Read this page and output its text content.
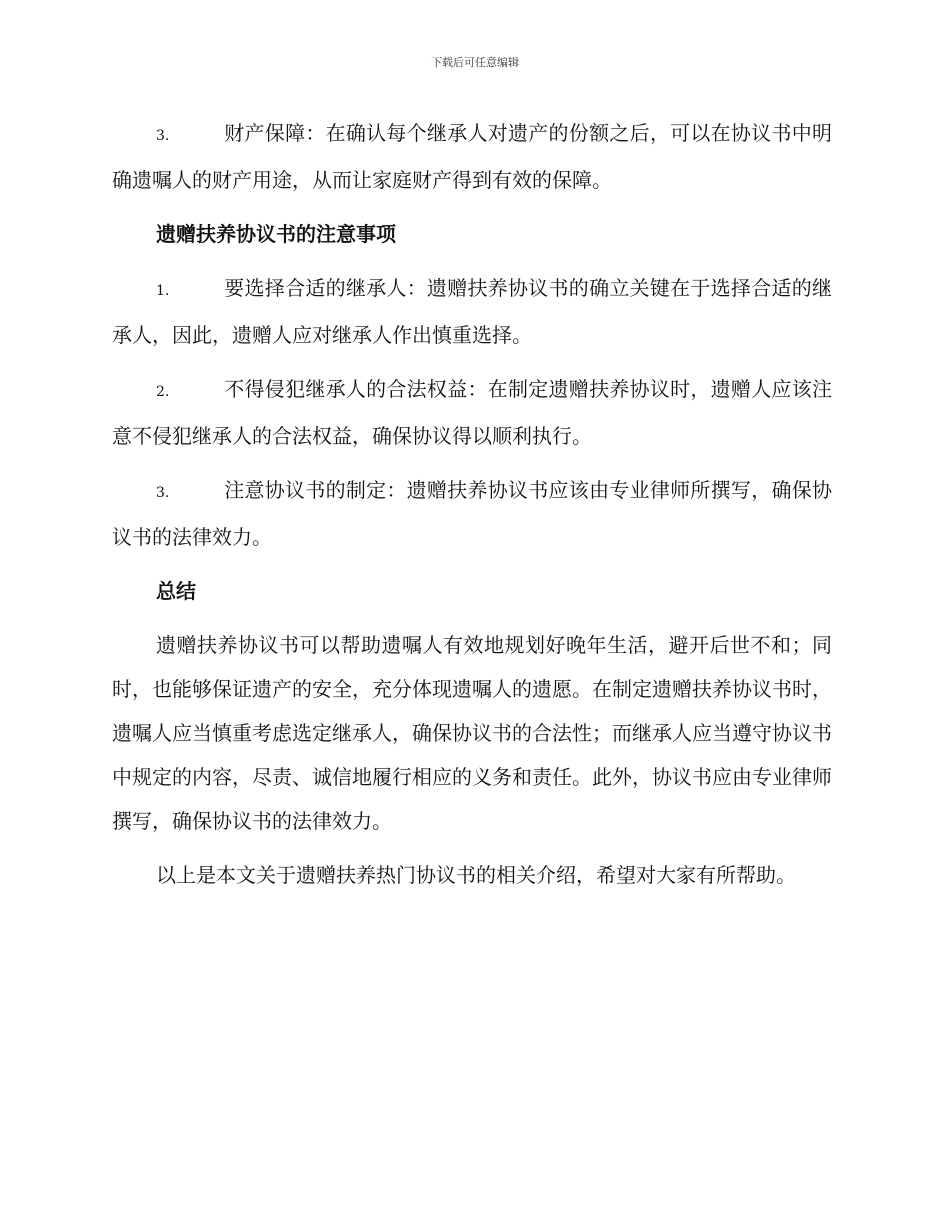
下载后可任意编辑

3.	财产保障：在确认每个继承人对遗产的份额之后，可以在协议书中明确遗嘱人的财产用途，从而让家庭财产得到有效的保障。

遗赠扶养协议书的注意事项

1.	要选择合适的继承人：遗赠扶养协议书的确立关键在于选择合适的继承人，因此，遗赠人应对继承人作出慎重选择。

2.	不得侵犯继承人的合法权益：在制定遗赠扶养协议时，遗赠人应该注意不侵犯继承人的合法权益，确保协议得以顺利执行。

3.	注意协议书的制定：遗赠扶养协议书应该由专业律师所撰写，确保协议书的法律效力。

总结

遗赠扶养协议书可以帮助遗嘱人有效地规划好晚年生活，避开后世不和；同时，也能够保证遗产的安全，充分体现遗嘱人的遗愿。在制定遗赠扶养协议书时，遗嘱人应当慎重考虑选定继承人，确保协议书的合法性；而继承人应当遵守协议书中规定的内容，尽责、诚信地履行相应的义务和责任。此外，协议书应由专业律师撰写，确保协议书的法律效力。

以上是本文关于遗赠扶养热门协议书的相关介绍，希望对大家有所帮助。
